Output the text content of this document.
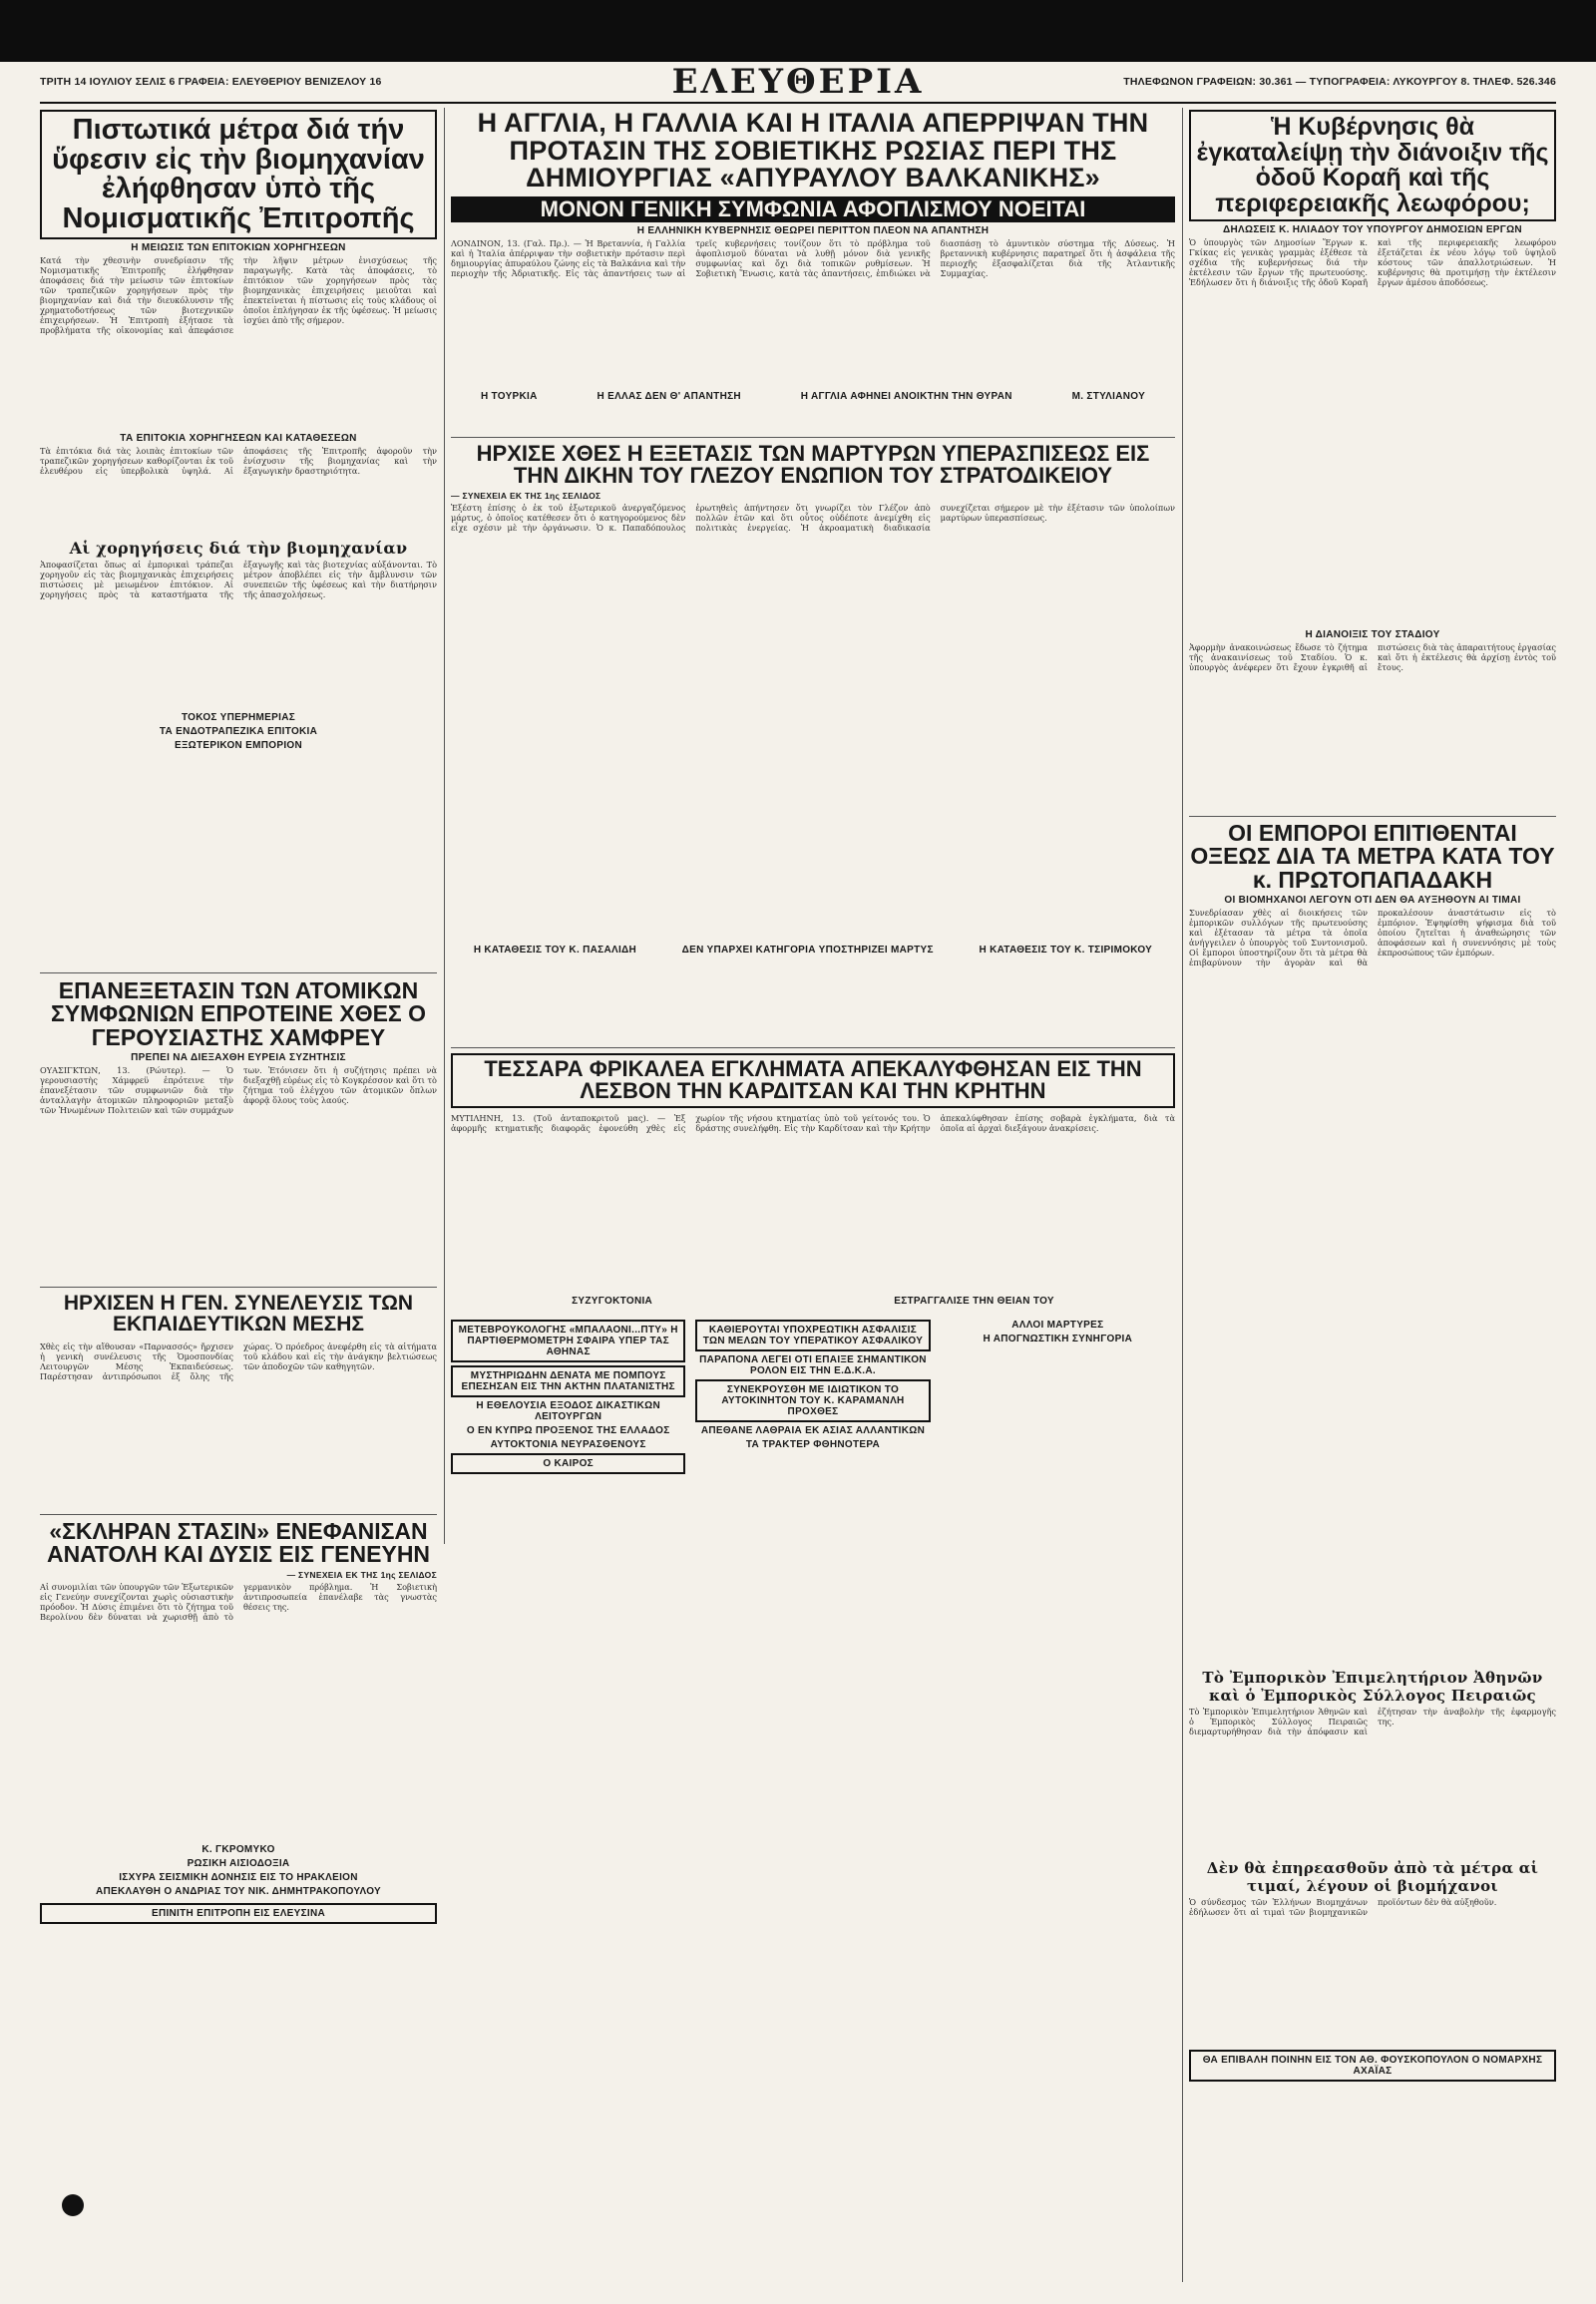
ΤΡΙΤΗ 14 ΙΟΥΛΙΟΥ ΣΕΛΙΣ 6 ΓΡΑΦΕΙΑ: ΕΛΕΥΘΕΡΙΟΥ ΒΕΝΙΖΕΛΟΥ 16	ΕΛΕΥΘΕΡΙΑ	ΤΗΛΕΦΩΝΟΝ ΓΡΑΦΕΙΩΝ: 30.361 — ΤΥΠΟΓΡΑΦΕΙΑ: ΛΥΚΟΥΡΓΟΥ 8. ΤΗΛΕΦ. 526.346
Πιστωτικά μέτρα διά τήν ὕφεσιν εἰς τὴν βιομηχανίαν ἐλήφθησαν ὑπὸ τῆς Νομισματικῆς Ἐπιτροπῆς
Η ΜΕΙΩΣΙΣ ΤΩΝ ΕΠΙΤΟΚΙΩΝ ΧΟΡΗΓΗΣΕΩΝ

Κατά τὴν χθεσινὴν συνεδρίασιν τῆς Νομισματικῆς Ἐπιτροπῆς ἐλήφθησαν ἀποφάσεις διά τὴν μείωσιν τῶν ἐπιτοκίων τῶν τραπεζικῶν χορηγήσεων πρὸς τὴν βιομηχανίαν καὶ διά τὴν διευκόλυνσιν τῆς χρηματοδοτήσεως τῶν βιοτεχνικῶν ἐπιχειρήσεων. Ἡ Ἐπιτροπὴ ἐξήτασε τὰ προβλήματα τῆς οἰκονομίας καὶ ἀπεφάσισε τὴν λῆψιν μέτρων ἐνισχύσεως τῆς παραγωγῆς. Κατὰ τὰς ἀποφάσεις, τὸ ἐπιτόκιον τῶν χορηγήσεων πρὸς τὰς βιομηχανικὰς ἐπιχειρήσεις μειοῦται καὶ ἐπεκτείνεται ἡ πίστωσις εἰς τοὺς κλάδους οἱ ὁποῖοι ἐπλήγησαν ἐκ τῆς ὑφέσεως. Ἡ μείωσις ἰσχύει ἀπὸ τῆς σήμερον.

ΤΑ ΕΠΙΤΟΚΙΑ ΧΟΡΗΓΗΣΕΩΝ ΚΑΙ ΚΑΤΑΘΕΣΕΩΝ

Τὰ ἐπιτόκια διά τὰς λοιπὰς ἐπιτοκίων τῶν τραπεζικῶν χορηγήσεων καθορίζονται ἐκ τοῦ ἐλευθέρου εἰς ὑπερβολικὰ ὑψηλά. Αἱ ἀποφάσεις τῆς Ἐπιτροπῆς ἀφοροῦν τὴν ἐνίσχυσιν τῆς βιομηχανίας καὶ τὴν ἐξαγωγικὴν δραστηριότητα.

Αἱ χορηγήσεις διά τὴν βιομηχανίαν

Ἀποφασίζεται ὅπως αἱ ἐμπορικαὶ τράπεζαι χορηγοῦν εἰς τὰς βιομηχανικὰς ἐπιχειρήσεις πιστώσεις μὲ μειωμένον ἐπιτόκιον. Αἱ χορηγήσεις πρὸς τὰ καταστήματα τῆς ἐξαγωγῆς καὶ τὰς βιοτεχνίας αὐξάνονται. Τὸ μέτρον ἀποβλέπει εἰς τὴν ἄμβλυνσιν τῶν συνεπειῶν τῆς ὑφέσεως καὶ τὴν διατήρησιν τῆς ἀπασχολήσεως.

ΤΟΚΟΣ ΥΠΕΡΗΜΕΡΙΑΣ
ΤΑ ΕΝΔΟΤΡΑΠΕΖΙΚΑ ΕΠΙΤΟΚΙΑ
ΕΞΩΤΕΡΙΚΟΝ ΕΜΠΟΡΙΟΝ
ΕΠΑΝΕΞΕΤΑΣΙΝ ΤΩΝ ΑΤΟΜΙΚΩΝ ΣΥΜΦΩΝΙΩΝ ΕΠΡΟΤΕΙΝΕ ΧΘΕΣ Ο ΓΕΡΟΥΣΙΑΣΤΗΣ ΧΑΜΦΡΕΥ
ΠΡΕΠΕΙ ΝΑ ΔΙΕΞΑΧΘΗ ΕΥΡΕΙΑ ΣΥΖΗΤΗΣΙΣ

ΟΥΑΣΙΓΚΤΩΝ, 13. (Ρώυτερ). — Ὁ γερουσιαστὴς Χάμφρεϋ ἐπρότεινε τὴν ἐπανεξέτασιν τῶν συμφωνιῶν διὰ τὴν ἀνταλλαγὴν ἀτομικῶν πληροφοριῶν μεταξὺ τῶν Ἡνωμένων Πολιτειῶν καὶ τῶν συμμάχων των. Ἐτόνισεν ὅτι ἡ συζήτησις πρέπει νὰ διεξαχθῇ εὐρέως εἰς τὸ Κογκρέσσον καὶ ὅτι τὸ ζήτημα τοῦ ἐλέγχου τῶν ἀτομικῶν ὅπλων ἀφορᾷ ὅλους τοὺς λαούς.

ΗΡΧΙΣΕΝ Η ΓΕΝ. ΣΥΝΕΛΕΥΣΙΣ ΤΩΝ ΕΚΠΑΙΔΕΥΤΙΚΩΝ ΜΕΣΗΣ

Χθὲς εἰς τὴν αἴθουσαν «Παρνασσός» ἤρχισεν ἡ γενικὴ συνέλευσις τῆς Ὁμοσπονδίας Λειτουργῶν Μέσης Ἐκπαιδεύσεως. Παρέστησαν ἀντιπρόσωποι ἐξ ὅλης τῆς χώρας. Ὁ πρόεδρος ἀνεφέρθη εἰς τὰ αἰτήματα τοῦ κλάδου καὶ εἰς τὴν ἀνάγκην βελτιώσεως τῶν ἀποδοχῶν τῶν καθηγητῶν.

«ΣΚΛΗΡΑΝ ΣΤΑΣΙΝ» ΕΝΕΦΑΝΙΣΑΝ ΑΝΑΤΟΛΗ ΚΑΙ ΔΥΣΙΣ ΕΙΣ ΓΕΝΕΥΗΝ
— ΣΥΝΕΧΕΙΑ ΕΚ ΤΗΣ 1ης ΣΕΛΙΔΟΣ

Αἱ συνομιλίαι τῶν ὑπουργῶν τῶν Ἐξωτερικῶν εἰς Γενεύην συνεχίζονται χωρὶς οὐσιαστικὴν πρόοδον. Ἡ Δύσις ἐπιμένει ὅτι τὸ ζήτημα τοῦ Βερολίνου δὲν δύναται νὰ χωρισθῇ ἀπὸ τὸ γερμανικὸν πρόβλημα. Ἡ Σοβιετικὴ ἀντιπροσωπεία ἐπανέλαβε τὰς γνωστὰς θέσεις της.

Κ. ΓΚΡΟΜΥΚΟ
ΡΩΣΙΚΗ ΑΙΣΙΟΔΟΞΙΑ
ΙΣΧΥΡΑ ΣΕΙΣΜΙΚΗ ΔΟΝΗΣΙΣ ΕΙΣ ΤΟ ΗΡΑΚΛΕΙΟΝ
ΑΠΕΚΛΑΥΘΗ Ο ΑΝΔΡΙΑΣ ΤΟΥ ΝΙΚ. ΔΗΜΗΤΡΑΚΟΠΟΥΛΟΥ
ΕΠΙΝΙΤΗ ΕΠΙΤΡΟΠΗ ΕΙΣ ΕΛΕΥΣΙΝΑ
Η ΑΓΓΛΙΑ, Η ΓΑΛΛΙΑ ΚΑΙ Η ΙΤΑΛΙΑ ΑΠΕΡΡΙΨΑΝ ΤΗΝ ΠΡΟΤΑΣΙΝ ΤΗΣ ΣΟΒΙΕΤΙΚΗΣ ΡΩΣΙΑΣ ΠΕΡΙ ΤΗΣ ΔΗΜΙΟΥΡΓΙΑΣ «ΑΠΥΡΑΥΛΟΥ ΒΑΛΚΑΝΙΚΗΣ»
ΜΟΝΟΝ ΓΕΝΙΚΗ ΣΥΜΦΩΝΙΑ ΑΦΟΠΛΙΣΜΟΥ ΝΟΕΙΤΑΙ
Η ΕΛΛΗΝΙΚΗ ΚΥΒΕΡΝΗΣΙΣ ΘΕΩΡΕΙ ΠΕΡΙΤΤΟΝ ΠΛΕΟΝ ΝΑ ΑΠΑΝΤΗΣΗ

ΛΟΝΔΙΝΟΝ, 13. (Γαλ. Πρ.). — Ἡ Βρεταννία, ἡ Γαλλία καὶ ἡ Ἰταλία ἀπέρριψαν τὴν σοβιετικὴν πρότασιν περὶ δημιουργίας ἀπυραύλου ζώνης εἰς τὰ Βαλκάνια καὶ τὴν περιοχὴν τῆς Ἀδριατικῆς. Εἰς τὰς ἀπαντήσεις των αἱ τρεῖς κυβερνήσεις τονίζουν ὅτι τὸ πρόβλημα τοῦ ἀφοπλισμοῦ δύναται νὰ λυθῇ μόνον διὰ γενικῆς συμφωνίας καὶ ὄχι διὰ τοπικῶν ρυθμίσεων. Ἡ Σοβιετικὴ Ἕνωσις, κατὰ τὰς ἀπαντήσεις, ἐπιδιώκει νὰ διασπάσῃ τὸ ἀμυντικὸν σύστημα τῆς Δύσεως. Ἡ βρεταννικὴ κυβέρνησις παρατηρεῖ ὅτι ἡ ἀσφάλεια τῆς περιοχῆς ἐξασφαλίζεται διὰ τῆς Ἀτλαντικῆς Συμμαχίας.

Η ΤΟΥΡΚΙΑ	Η ΕΛΛΑΣ ΔΕΝ Θ' ΑΠΑΝΤΗΣΗ	Η ΑΓΓΛΙΑ ΑΦΗΝΕΙ ΑΝΟΙΚΤΗΝ ΤΗΝ ΘΥΡΑΝ	Μ. ΣΤΥΛΙΑΝΟΥ
ΗΡΧΙΣΕ ΧΘΕΣ Η ΕΞΕΤΑΣΙΣ ΤΩΝ ΜΑΡΤΥΡΩΝ ΥΠΕΡΑΣΠΙΣΕΩΣ ΕΙΣ ΤΗΝ ΔΙΚΗΝ ΤΟΥ ΓΛΕΖΟΥ ΕΝΩΠΙΟΝ ΤΟΥ ΣΤΡΑΤΟΔΙΚΕΙΟΥ
— ΣΥΝΕΧΕΙΑ ΕΚ ΤΗΣ 1ης ΣΕΛΙΔΟΣ

Ἐξέστη ἐπίσης ὁ ἐκ τοῦ ἐξωτερικοῦ ἀνεργαζόμενος μάρτυς, ὁ ὁποῖος κατέθεσεν ὅτι ὁ κατηγορούμενος δὲν εἶχε σχέσιν μὲ τὴν ὀργάνωσιν. Ὁ κ. Παπαδόπουλος ἐρωτηθεὶς ἀπήντησεν ὅτι γνωρίζει τὸν Γλέζον ἀπὸ πολλῶν ἐτῶν καὶ ὅτι οὗτος οὐδέποτε ἀνεμίχθη εἰς πολιτικὰς ἐνεργείας. Ἡ ἀκροαματικὴ διαδικασία συνεχίζεται σήμερον μὲ τὴν ἐξέτασιν τῶν ὑπολοίπων μαρτύρων ὑπερασπίσεως.

Η ΚΑΤΑΘΕΣΙΣ ΤΟΥ Κ. ΠΑΣΑΛΙΔΗ	ΔΕΝ ΥΠΑΡΧΕΙ ΚΑΤΗΓΟΡΙΑ ΥΠΟΣΤΗΡΙΖΕΙ ΜΑΡΤΥΣ	Η ΚΑΤΑΘΕΣΙΣ ΤΟΥ Κ. ΤΣΙΡΙΜΟΚΟΥ
ΤΕΣΣΑΡΑ ΦΡΙΚΑΛΕΑ ΕΓΚΛΗΜΑΤΑ ΑΠΕΚΑΛΥΦΘΗΣΑΝ ΕΙΣ ΤΗΝ ΛΕΣΒΟΝ ΤΗΝ ΚΑΡΔΙΤΣΑΝ ΚΑΙ ΤΗΝ ΚΡΗΤΗΝ

ΜΥΤΙΛΗΝΗ, 13. (Τοῦ ἀνταποκριτοῦ μας). — Ἐξ ἀφορμῆς κτηματικῆς διαφορᾶς ἐφονεύθη χθὲς εἰς χωρίον τῆς νήσου κτηματίας ὑπὸ τοῦ γείτονός του. Ὁ δράστης συνελήφθη. Εἰς τὴν Καρδίτσαν καὶ τὴν Κρήτην ἀπεκαλύφθησαν ἐπίσης σοβαρὰ ἐγκλήματα, διὰ τὰ ὁποῖα αἱ ἀρχαὶ διεξάγουν ἀνακρίσεις.

ΣΥΖΥΓΟΚΤΟΝΙΑ	ΕΣΤΡΑΓΓΑΛΙΣΕ ΤΗΝ ΘΕΙΑΝ ΤΟΥ
ΜΕΤΕΒΡΟΥΚΟΛΟΓΗΣ «ΜΠΑΛΑΟΝΙ...ΠΤΥ» Η ΠΑΡΤΙΘΕΡΜΟΜΕΤΡΗ ΣΦΑΙΡΑ ΥΠΕΡ ΤΑΣ ΑΘΗΝΑΣ
ΜΥΣΤΗΡΙΩΔΗΝ ΔΕΝΑΤΑ ΜΕ ΠΟΜΠΟΥΣ ΕΠΕΣΗΣΑΝ ΕΙΣ ΤΗΝ ΑΚΤΗΝ ΠΛΑΤΑΝΙΣΤΗΣ
Η ΕΘΕΛΟΥΣΙΑ ΕΞΟΔΟΣ ΔΙΚΑΣΤΙΚΩΝ ΛΕΙΤΟΥΡΓΩΝ
Ο ΕΝ ΚΥΠΡΩ ΠΡΟΞΕΝΟΣ ΤΗΣ ΕΛΛΑΔΟΣ
ΑΥΤΟΚΤΟΝΙΑ ΝΕΥΡΑΣΘΕΝΟΥΣ
Ο ΚΑΙΡΟΣ
ΚΑΘΙΕΡΟΥΤΑΙ ΥΠΟΧΡΕΩΤΙΚΗ ΑΣΦΑΛΙΣΙΣ ΤΩΝ ΜΕΛΩΝ ΤΟΥ ΥΠΕΡΑΤΙΚΟΥ ΑΣΦΑΛΙΚΟΥ
ΠΑΡΑΠΟΝΑ ΛΕΓΕΙ ΟΤΙ ΕΠΑΙΞΕ ΣΗΜΑΝΤΙΚΟΝ ΡΟΛΟΝ ΕΙΣ ΤΗΝ Ε.Δ.Κ.Α.
ΣΥΝΕΚΡΟΥΣΘΗ ΜΕ ΙΔΙΩΤΙΚΟΝ ΤΟ ΑΥΤΟΚΙΝΗΤΟΝ ΤΟΥ Κ. ΚΑΡΑΜΑΝΛΗ ΠΡΟΧΘΕΣ
ΑΠΕΘΑΝΕ ΛΑΘΡΑΙΑ ΕΚ ΑΣΙΑΣ ΑΛΛΑΝΤΙΚΩΝ
ΤΑ ΤΡΑΚΤΕΡ ΦΘΗΝΟΤΕΡΑ
ΑΛΛΟΙ ΜΑΡΤΥΡΕΣ
Η ΑΠΟΓΝΩΣΤΙΚΗ ΣΥΝΗΓΟΡΙΑ
Ἡ Κυβέρνησις θὰ ἐγκαταλείψῃ τὴν διάνοιξιν τῆς ὁδοῦ Κοραῆ καὶ τῆς περιφερειακῆς λεωφόρου;
ΔΗΛΩΣΕΙΣ Κ. ΗΛΙΑΔΟΥ ΤΟΥ ΥΠΟΥΡΓΟΥ ΔΗΜΟΣΙΩΝ ΕΡΓΩΝ

Ὁ ὑπουργὸς τῶν Δημοσίων Ἔργων κ. Γκίκας εἰς γενικὰς γραμμὰς ἐξέθεσε τὰ σχέδια τῆς κυβερνήσεως διά τὴν ἐκτέλεσιν τῶν ἔργων τῆς πρωτευούσης. Ἐδήλωσεν ὅτι ἡ διάνοιξις τῆς ὁδοῦ Κοραῆ καὶ τῆς περιφερειακῆς λεωφόρου ἐξετάζεται ἐκ νέου λόγῳ τοῦ ὑψηλοῦ κόστους τῶν ἀπαλλοτριώσεων. Ἡ κυβέρνησις θὰ προτιμήσῃ τὴν ἐκτέλεσιν ἔργων ἀμέσου ἀποδόσεως.

Η ΔΙΑΝΟΙΞΙΣ ΤΟΥ ΣΤΑΔΙΟΥ

Ἀφορμὴν ἀνακοινώσεως ἔδωσε τὸ ζήτημα τῆς ἀνακαινίσεως τοῦ Σταδίου. Ὁ κ. ὑπουργὸς ἀνέφερεν ὅτι ἔχουν ἐγκριθῆ αἱ πιστώσεις διὰ τὰς ἀπαραιτήτους ἐργασίας καὶ ὅτι ἡ ἐκτέλεσις θὰ ἀρχίσῃ ἐντὸς τοῦ ἔτους.

ΟΙ ΕΜΠΟΡΟΙ ΕΠΙΤΙΘΕΝΤΑΙ ΟΞΕΩΣ ΔΙΑ ΤΑ ΜΕΤΡΑ ΚΑΤΑ ΤΟΥ κ. ΠΡΩΤΟΠΑΠΑΔΑΚΗ
ΟΙ ΒΙΟΜΗΧΑΝΟΙ ΛΕΓΟΥΝ ΟΤΙ ΔΕΝ ΘΑ ΑΥΞΗΘΟΥΝ ΑΙ ΤΙΜΑΙ

Συνεδρίασαν χθὲς αἱ διοικήσεις τῶν ἐμπορικῶν συλλόγων τῆς πρωτευούσης καὶ ἐξέτασαν τὰ μέτρα τὰ ὁποῖα ἀνήγγειλεν ὁ ὑπουργὸς τοῦ Συντονισμοῦ. Οἱ ἔμποροι ὑποστηρίζουν ὅτι τὰ μέτρα θὰ ἐπιβαρύνουν τὴν ἀγορὰν καὶ θὰ προκαλέσουν ἀναστάτωσιν εἰς τὸ ἐμπόριον. Ἐψηφίσθη ψήφισμα διὰ τοῦ ὁποίου ζητεῖται ἡ ἀναθεώρησις τῶν ἀποφάσεων καὶ ἡ συνεννόησις μὲ τοὺς ἐκπροσώπους τῶν ἐμπόρων.

Τὸ Ἐμπορικὸν Ἐπιμελητήριον Ἀθηνῶν καὶ ὁ Ἐμπορικὸς Σύλλογος Πειραιῶς

Τὸ Ἐμπορικὸν Ἐπιμελητήριον Ἀθηνῶν καὶ ὁ Ἐμπορικὸς Σύλλογος Πειραιῶς διεμαρτυρήθησαν διὰ τὴν ἀπόφασιν καὶ ἐζήτησαν τὴν ἀναβολὴν τῆς ἐφαρμογῆς της.

Δὲν θὰ ἐπηρεασθοῦν ἀπὸ τὰ μέτρα αἱ τιμαί, λέγουν οἱ βιομήχανοι

Ὁ σύνδεσμος τῶν Ἑλλήνων Βιομηχάνων ἐδήλωσεν ὅτι αἱ τιμαὶ τῶν βιομηχανικῶν προϊόντων δὲν θὰ αὐξηθοῦν.

ΘΑ ΕΠΙΒΑΛΗ ΠΟΙΝΗΝ ΕΙΣ ΤΟΝ ΑΘ. ΦΟΥΣΚΟΠΟΥΛΟΝ Ο ΝΟΜΑΡΧΗΣ ΑΧΑΪΑΣ
